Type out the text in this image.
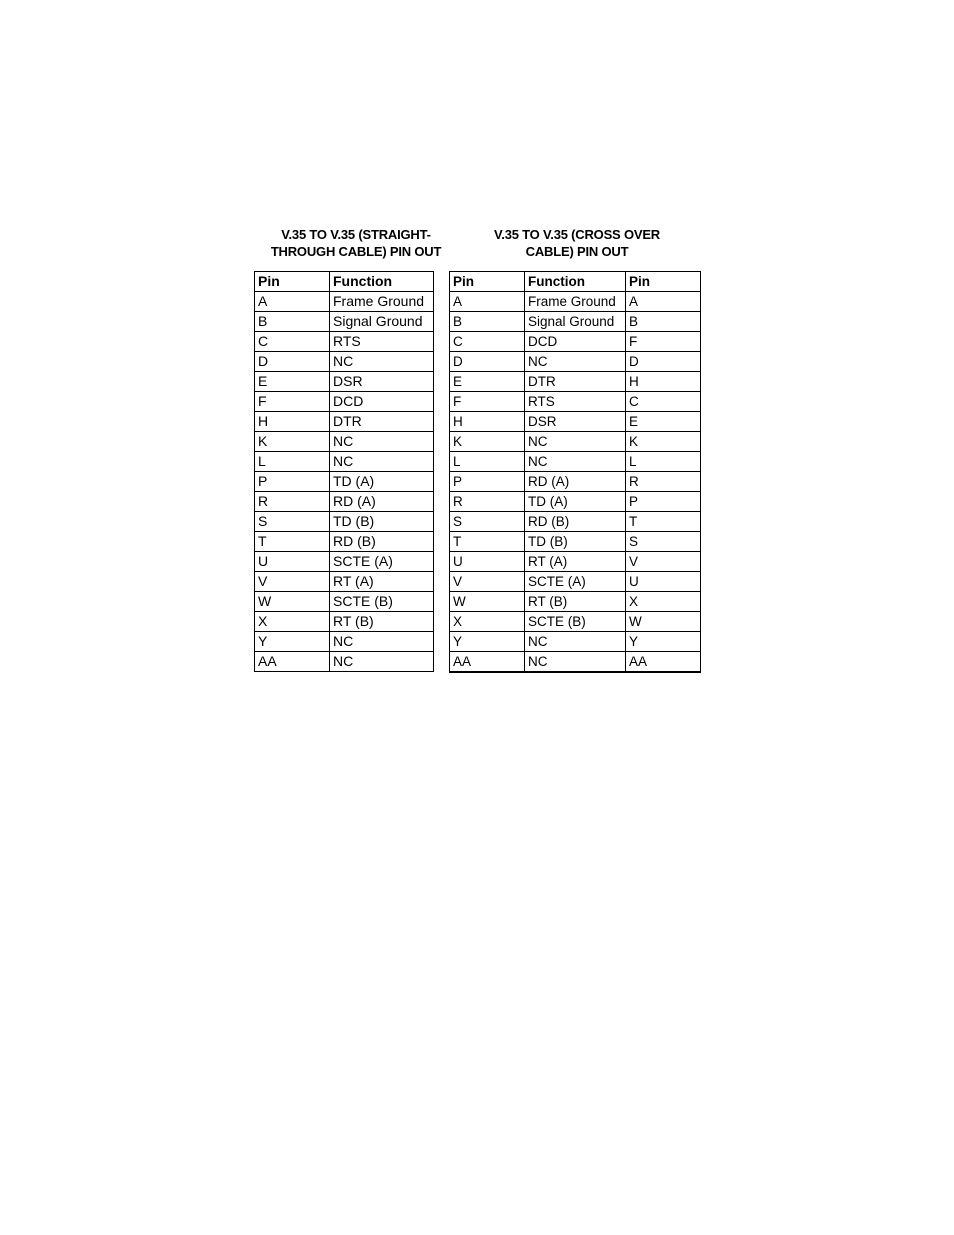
V.35 TO V.35 (STRAIGHT-
THROUGH CABLE) PIN OUT
V.35 TO V.35 (CROSS OVER
CABLE) PIN OUT
Pin	Function
A	Frame Ground
B	Signal Ground
C	RTS
D	NC
E	DSR
F	DCD
H	DTR
K	NC
L	NC
P	TD (A)
R	RD (A)
S	TD (B)
T	RD (B)
U	SCTE (A)
V	RT (A)
W	SCTE (B)
X	RT (B)
Y	NC
AA	NC
Pin	Function	Pin
A	Frame Ground	A
B	Signal Ground	B
C	DCD	F
D	NC	D
E	DTR	H
F	RTS	C
H	DSR	E
K	NC	K
L	NC	L
P	RD (A)	R
R	TD (A)	P
S	RD (B)	T
T	TD (B)	S
U	RT (A)	V
V	SCTE (A)	U
W	RT (B)	X
X	SCTE (B)	W
Y	NC	Y
AA	NC	AA
